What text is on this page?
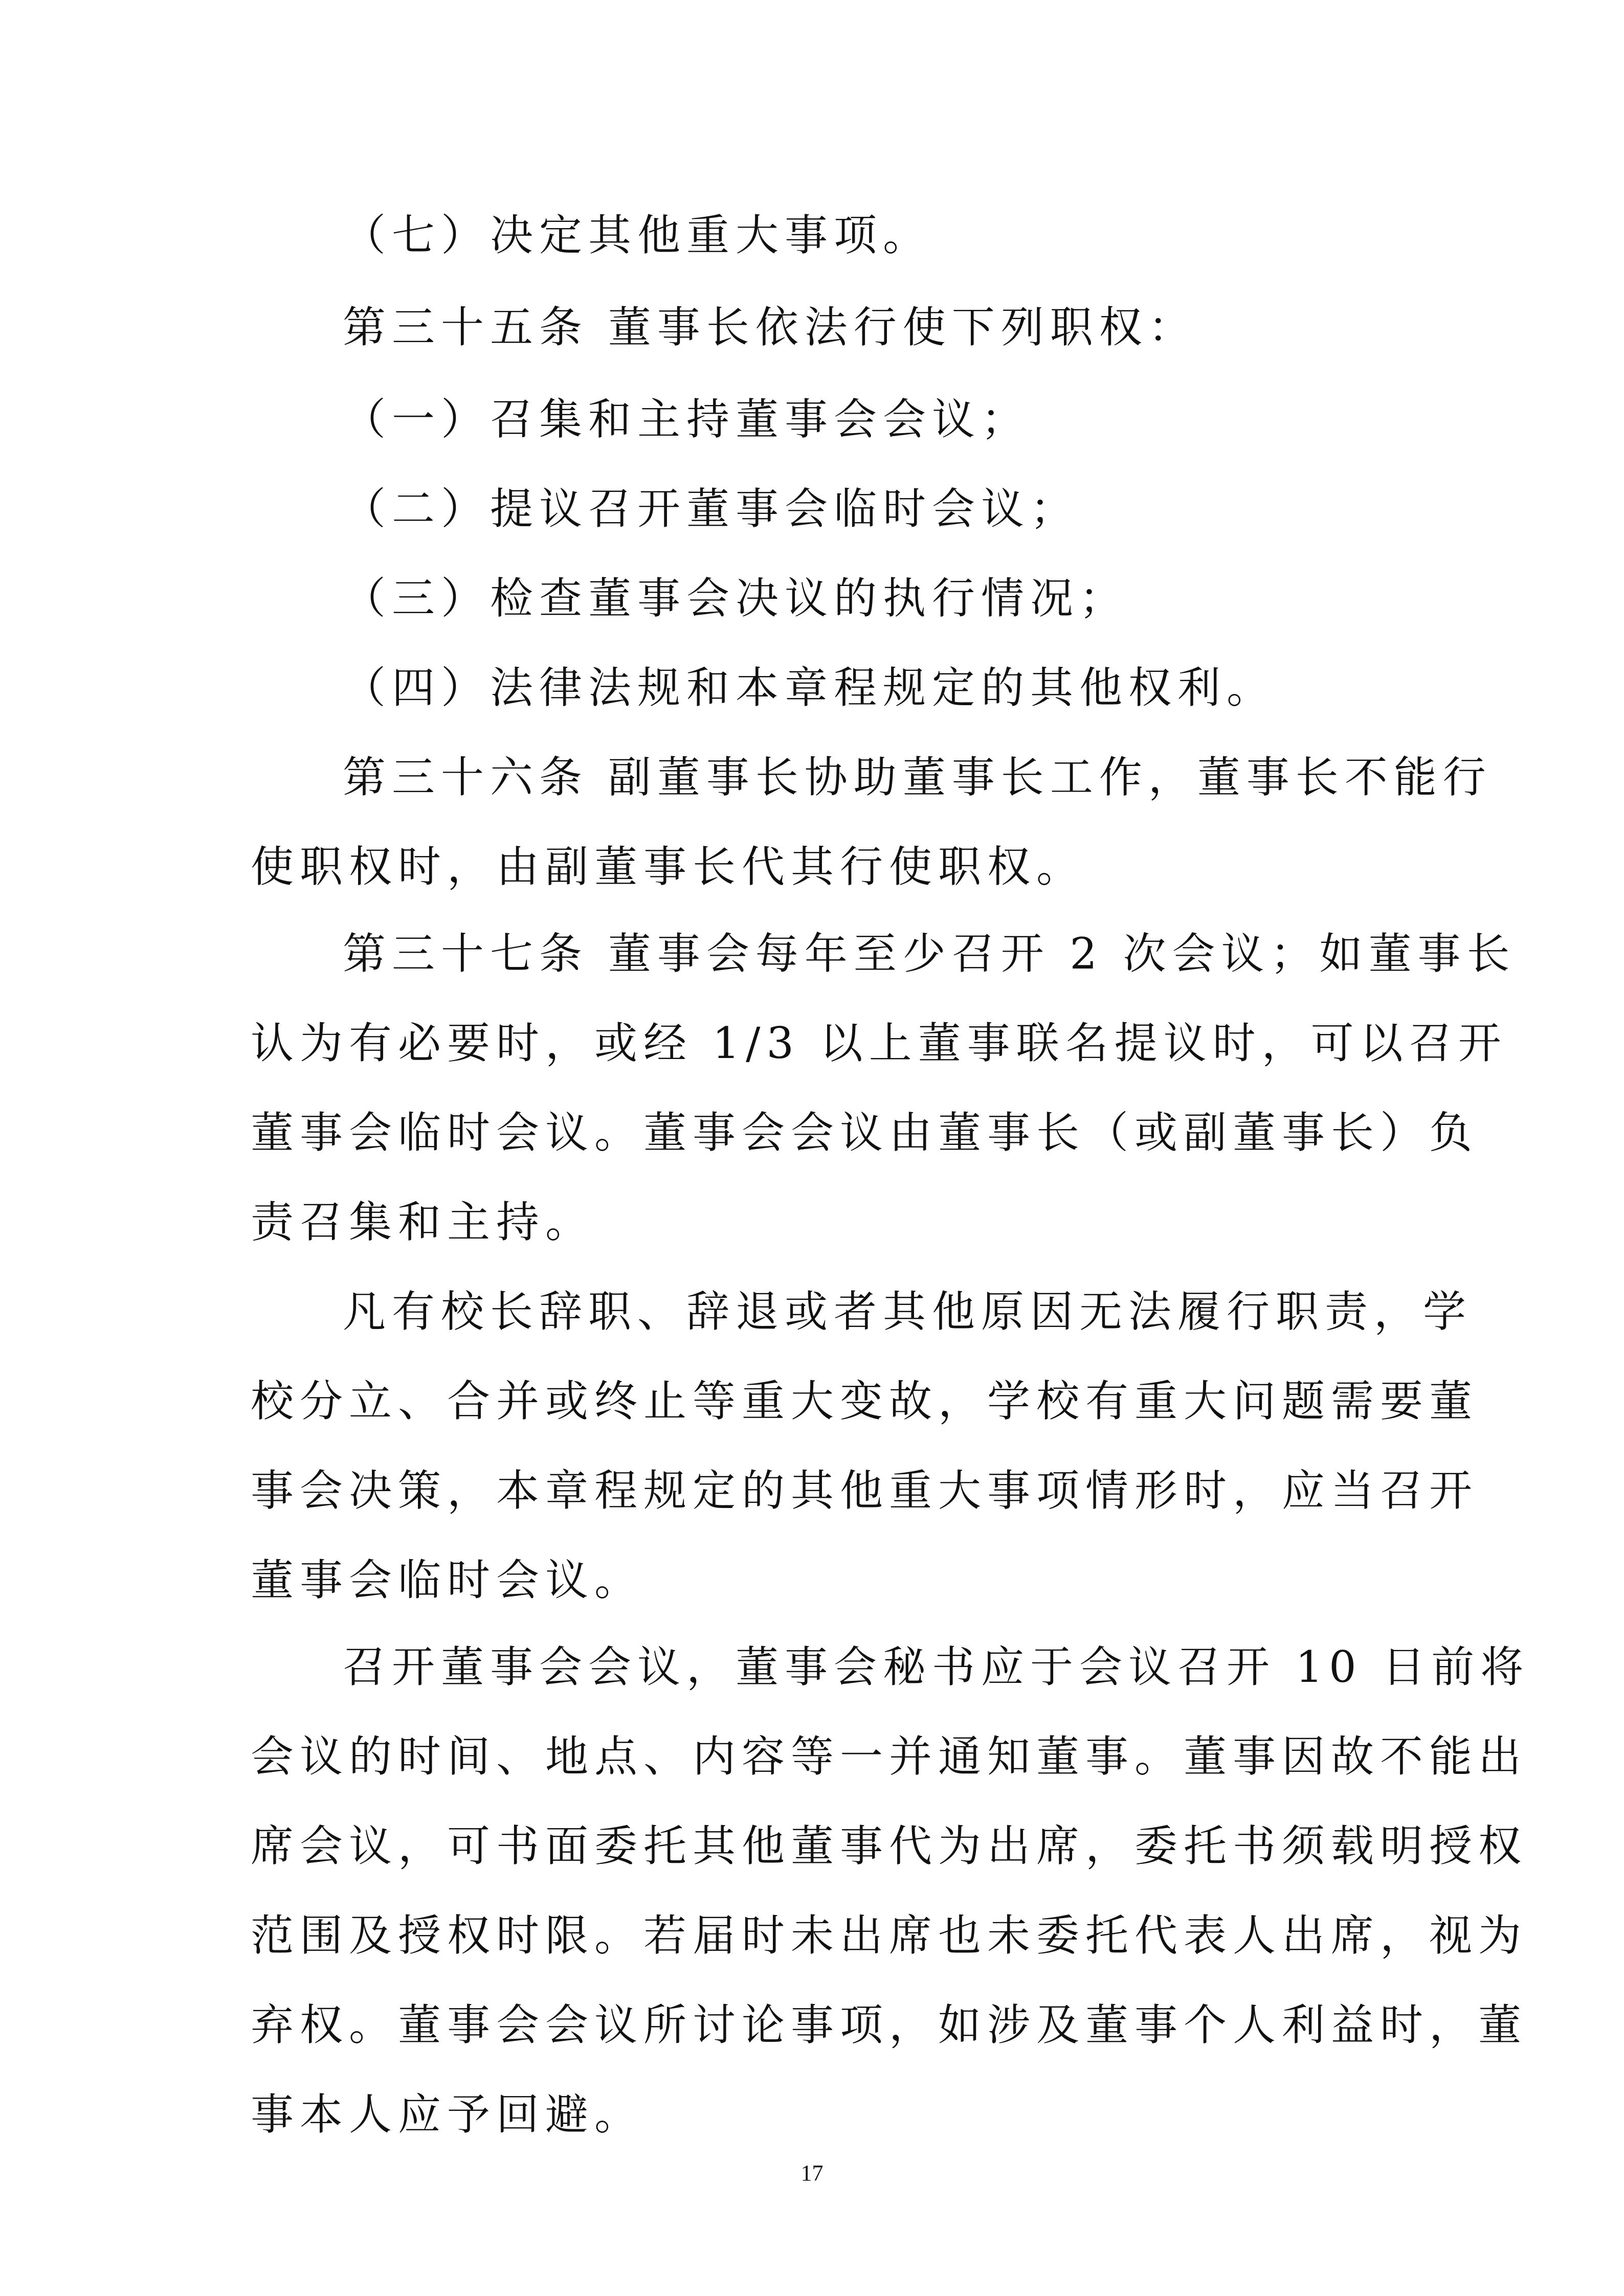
（七）决定其他重大事项。
第三十五条 董事长依法行使下列职权：
（一）召集和主持董事会会议；
（二）提议召开董事会临时会议；
（三）检查董事会决议的执行情况；
（四）法律法规和本章程规定的其他权利。
第三十六条 副董事长协助董事长工作，董事长不能行
使职权时，由副董事长代其行使职权。
第三十七条 董事会每年至少召开 2 次会议；如董事长
认为有必要时，或经 1/3 以上董事联名提议时，可以召开
董事会临时会议。董事会会议由董事长（或副董事长）负
责召集和主持。
凡有校长辞职、辞退或者其他原因无法履行职责，学
校分立、合并或终止等重大变故，学校有重大问题需要董
事会决策，本章程规定的其他重大事项情形时，应当召开
董事会临时会议。
召开董事会会议，董事会秘书应于会议召开 10 日前将
会议的时间、地点、内容等一并通知董事。董事因故不能出
席会议，可书面委托其他董事代为出席，委托书须载明授权
范围及授权时限。若届时未出席也未委托代表人出席，视为
弃权。董事会会议所讨论事项，如涉及董事个人利益时，董
事本人应予回避。
17
